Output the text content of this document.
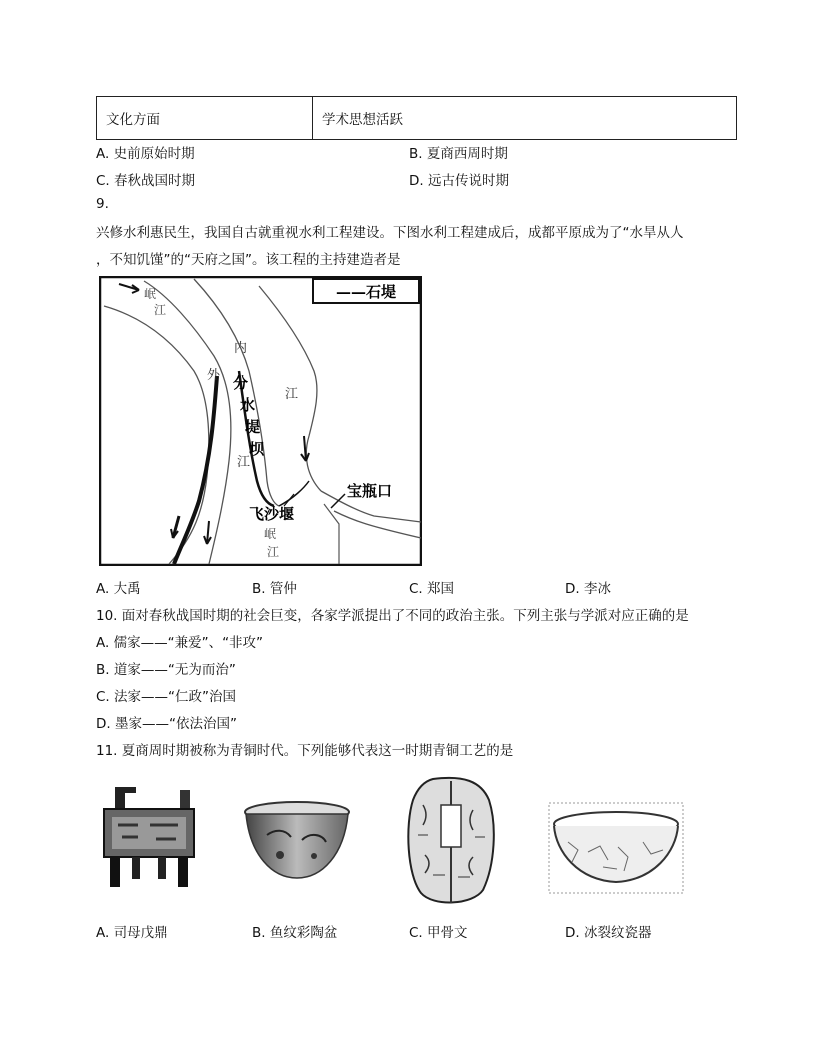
文化方面	学术思想活跃
A. 史前原始时期	B. 夏商西周时期
C. 春秋战国时期	D. 远古传说时期
9.
兴修水利惠民生，我国自古就重视水利工程建设。下图水利工程建成后，成都平原成为了“水旱从人
，不知饥馑”的“天府之国”。该工程的主持建造者是
——石堤
岷
江
内
江
外
江
分
水
堤
坝
宝瓶口
飞沙堰
岷
江
A. 大禹	B. 管仲	C. 郑国	D. 李冰
10. 面对春秋战国时期的社会巨变，各家学派提出了不同的政治主张。下列主张与学派对应正确的是
A. 儒家——“兼爱”、“非攻”
B. 道家——“无为而治”
C. 法家——“仁政”治国
D. 墨家——“依法治国”
11. 夏商周时期被称为青铜时代。下列能够代表这一时期青铜工艺的是
A. 司母戊鼎	B. 鱼纹彩陶盆	C. 甲骨文	D. 冰裂纹瓷器
